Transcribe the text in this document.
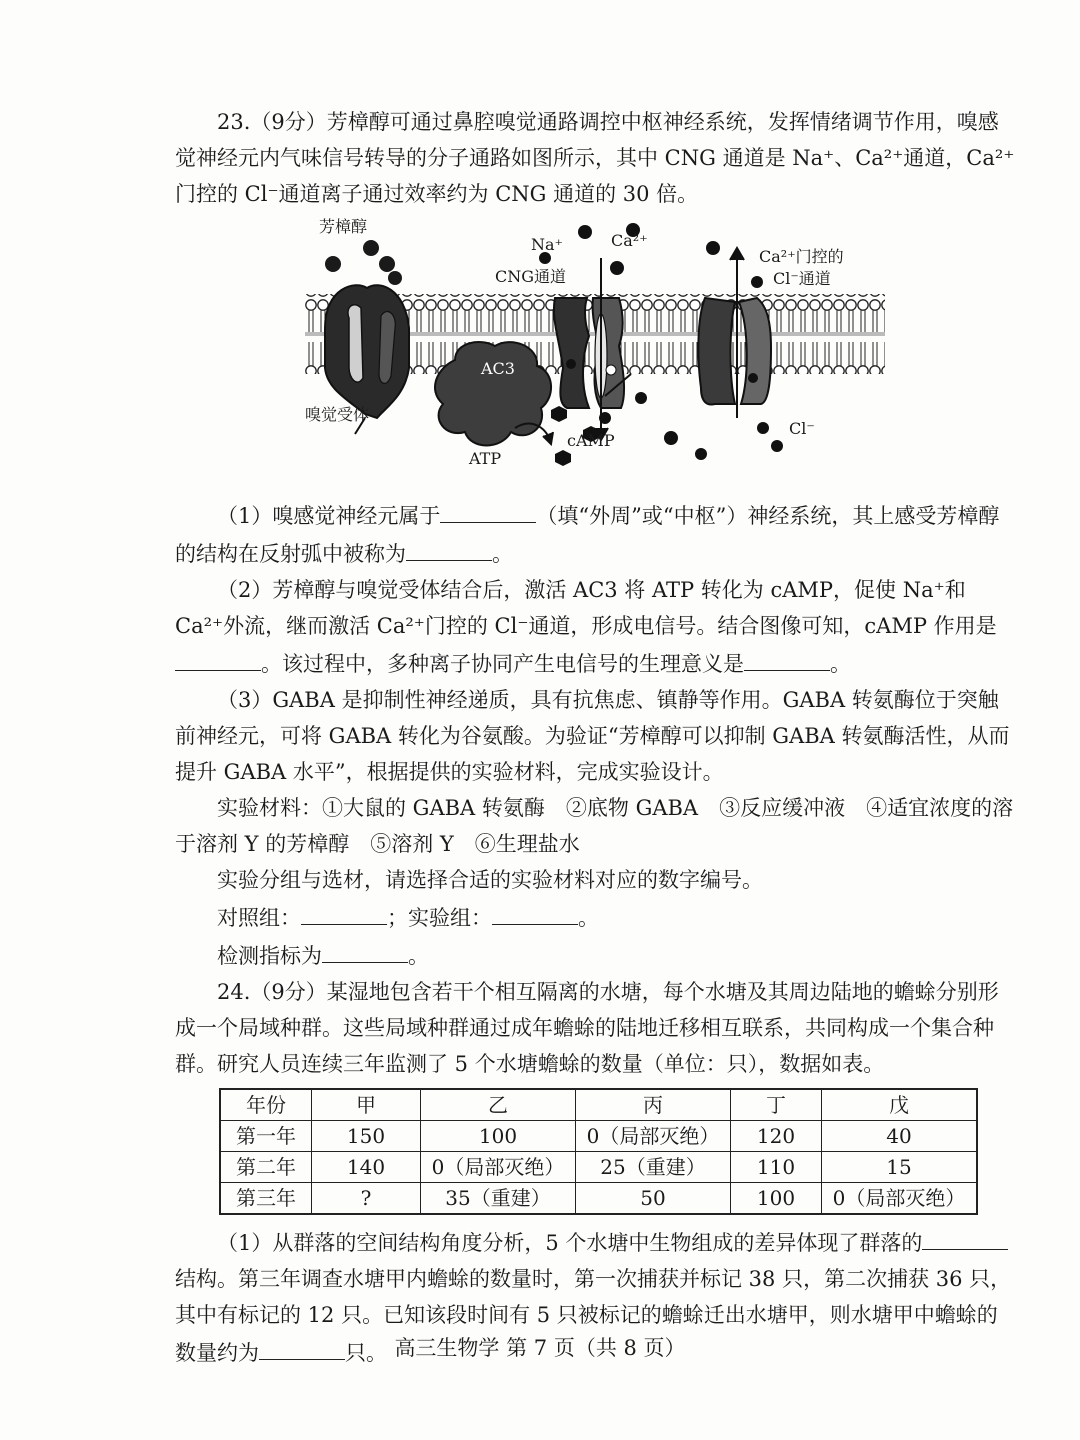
23.（9分）芳樟醇可通过鼻腔嗅觉通路调控中枢神经系统，发挥情绪调节作用，嗅感觉神经元内气味信号转导的分子通路如图所示，其中 CNG 通道是 Na⁺、Ca²⁺通道，Ca²⁺门控的 Cl⁻通道离子通过效率约为 CNG 通道的 30 倍。

芳樟醇
嗅觉受体
AC3
ATP
cAMP
CNG通道
Na⁺	Ca²⁺
Ca²⁺门控的
Cl⁻通道
Cl⁻

（1）嗅感觉神经元属于	（填“外周”或“中枢”）神经系统，其上感受芳樟醇的结构在反射弧中被称为	。

（2）芳樟醇与嗅觉受体结合后，激活 AC3 将 ATP 转化为 cAMP，促使 Na⁺和 Ca²⁺外流，继而激活 Ca²⁺门控的 Cl⁻通道，形成电信号。结合图像可知，cAMP 作用是。该过程中，多种离子协同产生电信号的生理意义是	。

（3）GABA 是抑制性神经递质，具有抗焦虑、镇静等作用。GABA 转氨酶位于突触前神经元，可将 GABA 转化为谷氨酸。为验证“芳樟醇可以抑制 GABA 转氨酶活性，从而提升 GABA 水平”，根据提供的实验材料，完成实验设计。

实验材料：①大鼠的 GABA 转氨酶　②底物 GABA　③反应缓冲液　④适宜浓度的溶于溶剂 Y 的芳樟醇　⑤溶剂 Y　⑥生理盐水

实验分组与选材，请选择合适的实验材料对应的数字编号。

对照组：	；实验组：	。

检测指标为	。

24.（9分）某湿地包含若干个相互隔离的水塘，每个水塘及其周边陆地的蟾蜍分别形成一个局域种群。这些局域种群通过成年蟾蜍的陆地迁移相互联系，共同构成一个集合种群。研究人员连续三年监测了 5 个水塘蟾蜍的数量（单位：只），数据如表。

年份	甲	乙	丙	丁	戊
第一年	150	100	0（局部灭绝）	120	40
第二年	140	0（局部灭绝）	25（重建）	110	15
第三年	?	35（重建）	50	100	0（局部灭绝）

（1）从群落的空间结构角度分析，5 个水塘中生物组成的差异体现了群落的结构。第三年调查水塘甲内蟾蜍的数量时，第一次捕获并标记 38 只，第二次捕获 36 只，其中有标记的 12 只。已知该段时间有 5 只被标记的蟾蜍迁出水塘甲，则水塘甲中蟾蜍的数量约为	只。 高三生物学 第 7 页（共 8 页）
